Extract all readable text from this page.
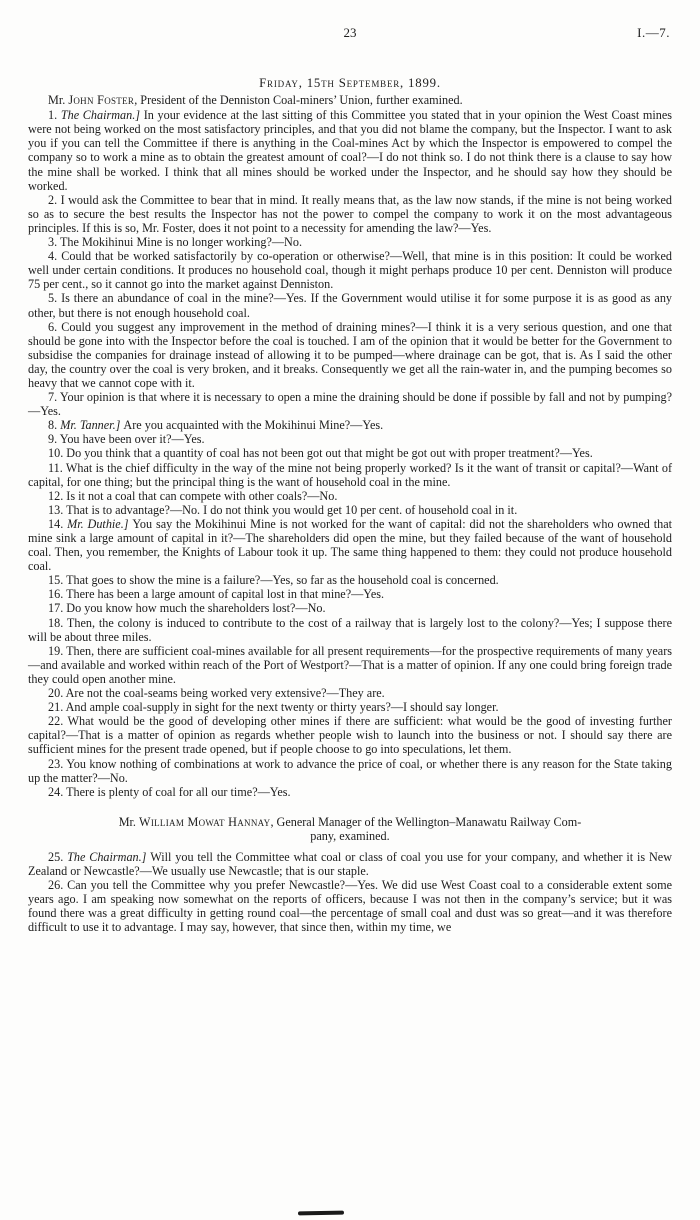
23	I.—7.
Friday, 15th September, 1899.

Mr. John Foster, President of the Denniston Coal-miners’ Union, further examined.

1. The Chairman.] In your evidence at the last sitting of this Committee you stated that in your opinion the West Coast mines were not being worked on the most satisfactory principles, and that you did not blame the company, but the Inspector. I want to ask you if you can tell the Committee if there is anything in the Coal-mines Act by which the Inspector is empowered to compel the company so to work a mine as to obtain the greatest amount of coal?—I do not think so. I do not think there is a clause to say how the mine shall be worked. I think that all mines should be worked under the Inspector, and he should say how they should be worked.

2. I would ask the Committee to bear that in mind. It really means that, as the law now stands, if the mine is not being worked so as to secure the best results the Inspector has not the power to compel the company to work it on the most advantageous principles. If this is so, Mr. Foster, does it not point to a necessity for amending the law?—Yes.

3. The Mokihinui Mine is no longer working?—No.

4. Could that be worked satisfactorily by co-operation or otherwise?—Well, that mine is in this position: It could be worked well under certain conditions. It produces no household coal, though it might perhaps produce 10 per cent. Denniston will produce 75 per cent., so it cannot go into the market against Denniston.

5. Is there an abundance of coal in the mine?—Yes. If the Government would utilise it for some purpose it is as good as any other, but there is not enough household coal.

6. Could you suggest any improvement in the method of draining mines?—I think it is a very serious question, and one that should be gone into with the Inspector before the coal is touched. I am of the opinion that it would be better for the Government to subsidise the companies for drainage instead of allowing it to be pumped—where drainage can be got, that is. As I said the other day, the country over the coal is very broken, and it breaks. Consequently we get all the rain-water in, and the pumping becomes so heavy that we cannot cope with it.

7. Your opinion is that where it is necessary to open a mine the draining should be done if possible by fall and not by pumping?—Yes.

8. Mr. Tanner.] Are you acquainted with the Mokihinui Mine?—Yes.

9. You have been over it?—Yes.

10. Do you think that a quantity of coal has not been got out that might be got out with proper treatment?—Yes.

11. What is the chief difficulty in the way of the mine not being properly worked? Is it the want of transit or capital?—Want of capital, for one thing; but the principal thing is the want of household coal in the mine.

12. Is it not a coal that can compete with other coals?—No.

13. That is to advantage?—No. I do not think you would get 10 per cent. of household coal in it.

14. Mr. Duthie.] You say the Mokihinui Mine is not worked for the want of capital: did not the shareholders who owned that mine sink a large amount of capital in it?—The shareholders did open the mine, but they failed because of the want of household coal. Then, you remember, the Knights of Labour took it up. The same thing happened to them: they could not produce household coal.

15. That goes to show the mine is a failure?—Yes, so far as the household coal is concerned.

16. There has been a large amount of capital lost in that mine?—Yes.

17. Do you know how much the shareholders lost?—No.

18. Then, the colony is induced to contribute to the cost of a railway that is largely lost to the colony?—Yes; I suppose there will be about three miles.

19. Then, there are sufficient coal-mines available for all present requirements—for the prospective requirements of many years—and available and worked within reach of the Port of Westport?—That is a matter of opinion. If any one could bring foreign trade they could open another mine.

20. Are not the coal-seams being worked very extensive?—They are.

21. And ample coal-supply in sight for the next twenty or thirty years?—I should say longer.

22. What would be the good of developing other mines if there are sufficient: what would be the good of investing further capital?—That is a matter of opinion as regards whether people wish to launch into the business or not. I should say there are sufficient mines for the present trade opened, but if people choose to go into speculations, let them.

23. You know nothing of combinations at work to advance the price of coal, or whether there is any reason for the State taking up the matter?—No.

24. There is plenty of coal for all our time?—Yes.

Mr. William Mowat Hannay, General Manager of the Wellington–Manawatu Railway Com-
pany, examined.

25. The Chairman.] Will you tell the Committee what coal or class of coal you use for your company, and whether it is New Zealand or Newcastle?—We usually use Newcastle; that is our staple.

26. Can you tell the Committee why you prefer Newcastle?—Yes. We did use West Coast coal to a considerable extent some years ago. I am speaking now somewhat on the reports of officers, because I was not then in the company’s service; but it was found there was a great difficulty in getting round coal—the percentage of small coal and dust was so great—and it was therefore difficult to use it to advantage. I may say, however, that since then, within my time, we
